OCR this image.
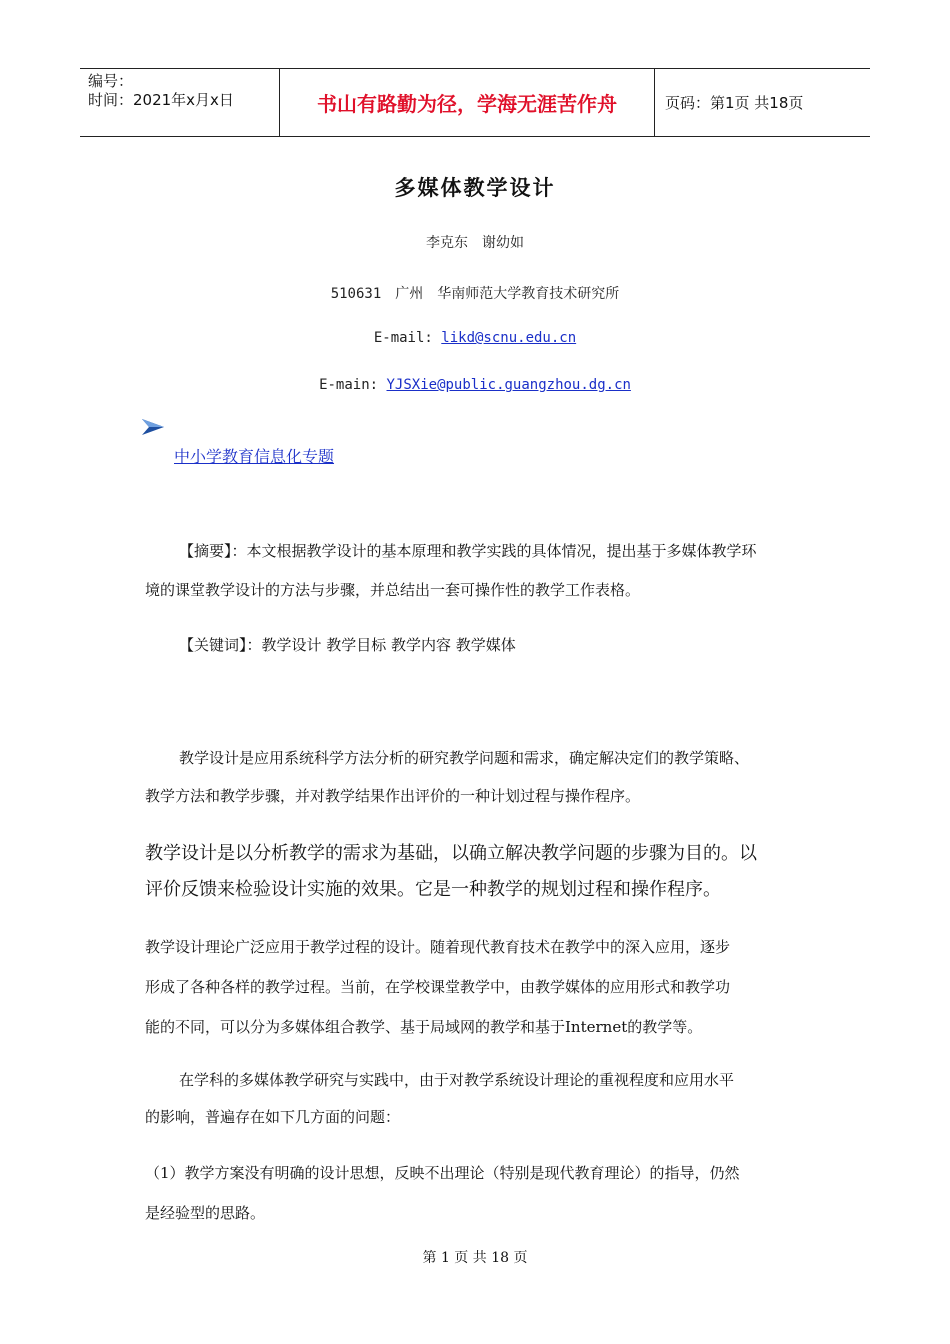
编号：
时间：2021年x月x日	书山有路勤为径，学海无涯苦作舟	页码：第1页 共18页
多媒体教学设计
李克东　谢幼如
510631　广州　华南师范大学教育技术研究所
E-mail: likd@scnu.edu.cn
E-main: YJSXie@public.guangzhou.dg.cn
中小学教育信息化专题
【摘要】：本文根据教学设计的基本原理和教学实践的具体情况，提出基于多媒体教学环
境的课堂教学设计的方法与步骤，并总结出一套可操作性的教学工作表格。
【关键词】：教学设计 教学目标 教学内容 教学媒体
教学设计是应用系统科学方法分析的研究教学问题和需求，确定解决定们的教学策略、
教学方法和教学步骤，并对教学结果作出评价的一种计划过程与操作程序。
教学设计是以分析教学的需求为基础，以确立解决教学问题的步骤为目的。以
评价反馈来检验设计实施的效果。它是一种教学的规划过程和操作程序。
教学设计理论广泛应用于教学过程的设计。随着现代教育技术在教学中的深入应用，逐步
形成了各种各样的教学过程。当前，在学校课堂教学中，由教学媒体的应用形式和教学功
能的不同，可以分为多媒体组合教学、基于局域网的教学和基于Internet的教学等。
在学科的多媒体教学研究与实践中，由于对教学系统设计理论的重视程度和应用水平
的影响，普遍存在如下几方面的问题：
（1）教学方案没有明确的设计思想，反映不出理论（特别是现代教育理论）的指导，仍然
是经验型的思路。
第 1 页 共 18 页
